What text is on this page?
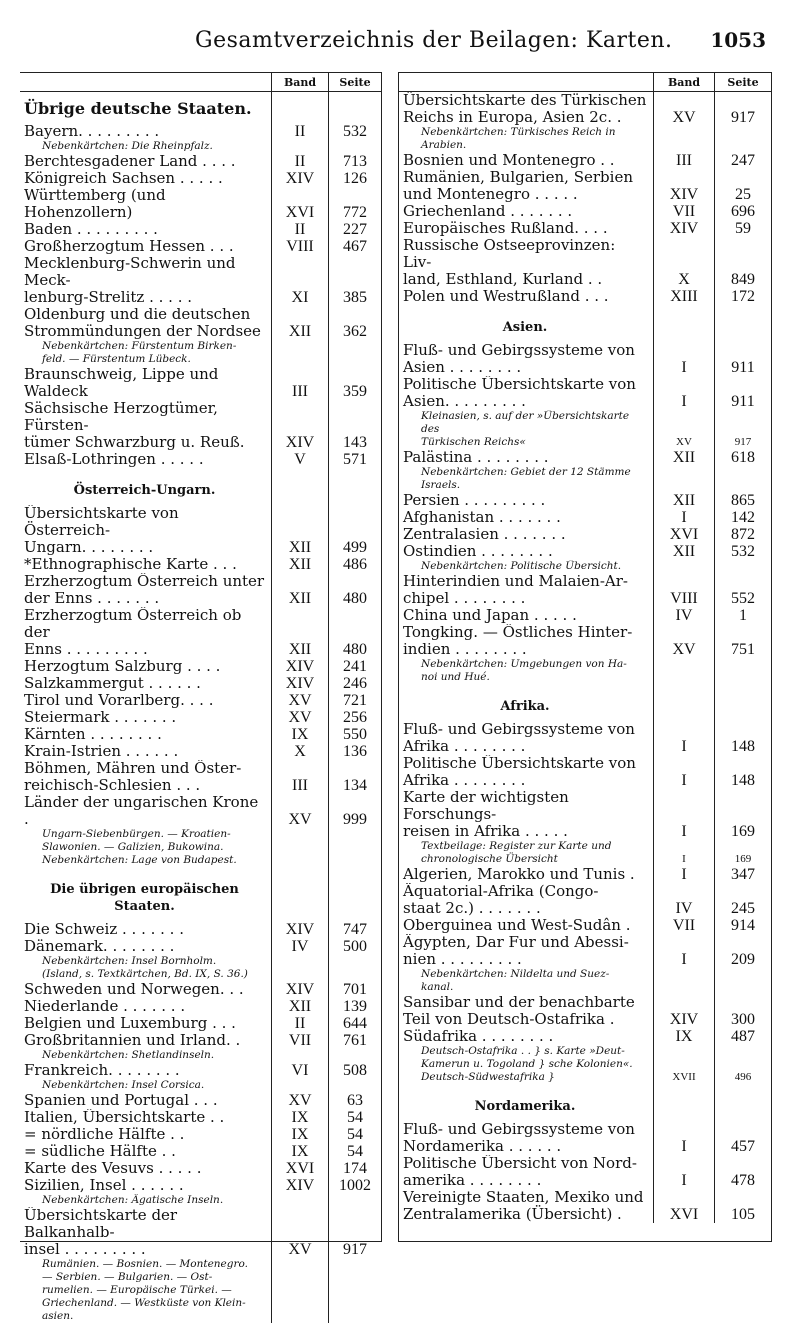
Gesamtverzeichnis der Beilagen: Karten. 1053
Band	Seite
Übrige deutsche Staaten.
Bayern. . . . . . . . .	II	532
Nebenkärtchen: Die Rheinpfalz.
Berchtesgadener Land . . . .	II	713
Königreich Sachsen . . . . .	XIV	126
Württemberg (und Hohenzollern)	XVI	772
Baden . . . . . . . . .	II	227
Großherzogtum Hessen . . .	VIII	467
Mecklenburg-Schwerin und Meck-
lenburg-Strelitz . . . . .	XI	385
Oldenburg und die deutschen
Strommündungen der Nordsee	XII	362
Nebenkärtchen: Fürstentum Birken-
feld. — Fürstentum Lübeck.
Braunschweig, Lippe und Waldeck	III	359
Sächsische Herzogtümer, Fürsten-
tümer Schwarzburg u. Reuß.	XIV	143
Elsaß-Lothringen . . . . .	V	571
Österreich-Ungarn.
Übersichtskarte von Österreich-
Ungarn. . . . . . . .	XII	499
*Ethnographische Karte . . .	XII	486
Erzherzogtum Österreich unter
der Enns . . . . . . .	XII	480
Erzherzogtum Österreich ob der
Enns . . . . . . . . .	XII	480
Herzogtum Salzburg . . . .	XIV	241
Salzkammergut . . . . . .	XIV	246
Tirol und Vorarlberg. . . .	XV	721
Steiermark . . . . . . .	XV	256
Kärnten . . . . . . . .	IX	550
Krain-Istrien . . . . . .	X	136
Böhmen, Mähren und Öster-
reichisch-Schlesien . . .	III	134
Länder der ungarischen Krone .	XV	999
Ungarn-Siebenbürgen. — Kroatien-
Slawonien. — Galizien, Bukowina.
Nebenkärtchen: Lage von Budapest.
Die übrigen europäischen Staaten.
Die Schweiz . . . . . . .	XIV	747
Dänemark. . . . . . . .	IV	500
Nebenkärtchen: Insel Bornholm.
(Island, s. Textkärtchen, Bd. IX, S. 36.)
Schweden und Norwegen. . .	XIV	701
Niederlande . . . . . . .	XII	139
Belgien und Luxemburg . . .	II	644
Großbritannien und Irland. .	VII	761
Nebenkärtchen: Shetlandinseln.
Frankreich. . . . . . . .	VI	508
Nebenkärtchen: Insel Corsica.
Spanien und Portugal . . .	XV	63
Italien, Übersichtskarte . .	IX	54
= nördliche Hälfte . .	IX	54
= südliche Hälfte . .	IX	54
Karte des Vesuvs . . . . .	XVI	174
Sizilien, Insel . . . . . .	XIV	1002
Nebenkärtchen: Ägatische Inseln.
Übersichtskarte der Balkanhalb-
insel . . . . . . . . .	XV	917
Rumänien. — Bosnien. — Montenegro.
— Serbien. — Bulgarien. — Ost-
rumelien. — Europäische Türkei. —
Griechenland. — Westküste von Klein-
asien.
Band	Seite
Übersichtskarte des Türkischen
Reichs in Europa, Asien 2c. .	XV	917
Nebenkärtchen: Türkisches Reich in
Arabien.
Bosnien und Montenegro . .	III	247
Rumänien, Bulgarien, Serbien
und Montenegro . . . . .	XIV	25
Griechenland . . . . . . .	VII	696
Europäisches Rußland. . . .	XIV	59
Russische Ostseeprovinzen: Liv-
land, Esthland, Kurland . .	X	849
Polen und Westrußland . . .	XIII	172
Asien.
Fluß- und Gebirgssysteme von
Asien . . . . . . . .	I	911
Politische Übersichtskarte von
Asien. . . . . . . . .	I	911
Kleinasien, s. auf der »Übersichtskarte des
Türkischen Reichs«	XV	917
Palästina . . . . . . . .	XII	618
Nebenkärtchen: Gebiet der 12 Stämme
Israels.
Persien . . . . . . . . .	XII	865
Afghanistan . . . . . . .	I	142
Zentralasien . . . . . . .	XVI	872
Ostindien . . . . . . . .	XII	532
Nebenkärtchen: Politische Übersicht.
Hinterindien und Malaien-Ar-
chipel . . . . . . . .	VIII	552
China und Japan . . . . .	IV	1
Tongking. — Östliches Hinter-
indien . . . . . . . .	XV	751
Nebenkärtchen: Umgebungen von Ha-
noi und Hué.
Afrika.
Fluß- und Gebirgssysteme von
Afrika . . . . . . . .	I	148
Politische Übersichtskarte von
Afrika . . . . . . . .	I	148
Karte der wichtigsten Forschungs-
reisen in Afrika . . . . .	I	169
Textbeilage: Register zur Karte und
chronologische Übersicht	I	169
Algerien, Marokko und Tunis .	I	347
Äquatorial-Afrika (Congo-
staat 2c.) . . . . . . .	IV	245
Oberguinea und West-Sudân .	VII	914
Ägypten, Dar Fur und Abessi-
nien . . . . . . . . .	I	209
Nebenkärtchen: Nildelta und Suez-
kanal.
Sansibar und der benachbarte
Teil von Deutsch-Ostafrika .	XIV	300
Südafrika . . . . . . . .	IX	487
Deutsch-Ostafrika . . } s. Karte »Deut-
Kamerun u. Togoland } sche Kolonien«.
Deutsch-Südwestafrika }	XVII	496
Nordamerika.
Fluß- und Gebirgssysteme von
Nordamerika . . . . . .	I	457
Politische Übersicht von Nord-
amerika . . . . . . . .	I	478
Vereinigte Staaten, Mexiko und
Zentralamerika (Übersicht) .	XVI	105
